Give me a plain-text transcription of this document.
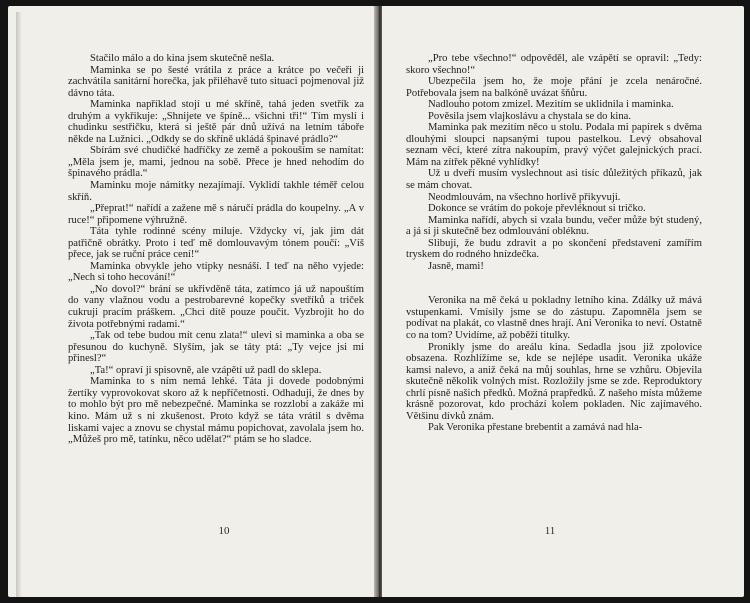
Stačilo málo a do kina jsem skutečně nešla.

Maminka se po šesté vrátila z práce a krátce po večeři ji zachvátila sanitární horečka, jak přiléhavě tuto situaci pojmenoval již dávno táta.

Maminka například stojí u mé skříně, tahá jeden svetřík za druhým a vykřikuje: „Shnijete ve špíně... všichni tři!“ Tím myslí i chudinku sestřičku, která si ještě pár dnů užívá na letním táboře někde na Lužnici. „Odkdy se do skříně ukládá špinavé prádlo?“

Sbírám své chudičké hadříčky ze země a pokouším se namítat: „Měla jsem je, mami, jednou na sobě. Přece je hned nehodím do špinavého prádla.“

Maminku moje námitky nezajímají. Vyklidí takhle téměř celou skříň.

„Přeprat!“ nařídí a zažene mě s náručí prádla do koupelny. „A v ruce!“ připomene výhružně.

Táta tyhle rodinné scény miluje. Vždycky ví, jak jim dát patřičně obrátky. Proto i teď mě domlouvavým tónem poučí: „Víš přece, jak se ruční práce cení!“

Maminka obvykle jeho vtípky nesnáší. I teď na něho vyjede: „Nech si toho hecování!“

„No dovol?“ brání se ukřivděně táta, zatímco já už napouštím do vany vlažnou vodu a pestrobarevné kopečky svetříků a triček cukruji pracím práškem. „Chci dítě pouze poučit. Vyzbrojit ho do života potřebnými radami.“

„Tak od tebe budou mít cenu zlata!“ ulevi si maminka a oba se přesunou do kuchyně. Slyším, jak se táty ptá: „Ty vejce jsi mi přinesl?“

„Ta!“ opraví ji spisovně, ale vzápětí už padl do sklepa.

Maminka to s ním nemá lehké. Táta ji dovede podobnými žertíky vyprovokovat skoro až k nepříčetnosti. Odhaduji, že dnes by to mohlo být pro mě nebezpečné. Maminka se rozzlobí a zakáže mi kino. Mám už s ni zkušenost. Proto když se táta vrátil s dvěma liskami vajec a znovu se chystal mámu popichovat, zavolala jsem ho. „Můžeš pro mě, tatínku, něco udělat?“ ptám se ho sladce.

10

„Pro tebe všechno!“ odpověděl, ale vzápětí se opravil: „Tedy: skoro všechno!“

Ubezpečila jsem ho, že moje přání je zcela nenáročné. Potřebovala jsem na balkóně uvázat šňůru.

Nadlouho potom zmizel. Mezitím se uklidnila i maminka.

Pověsila jsem vlajkoslávu a chystala se do kina.

Maminka pak mezitím něco u stolu. Podala mi papírek s dvěma dlouhými sloupci napsanými tupou pastelkou. Levý obsahoval seznam věcí, které zítra nakoupím, pravý výčet galejnických prací. Mám na zítřek pěkné vyhlídky!

Už u dveří musím vyslechnout asi tisíc důležitých příkazů, jak se mám chovat.

Neodmlouvám, na všechno horlivě přikyvuji.

Dokonce se vrátím do pokoje převléknout si tričko.

Maminka nařídí, abych si vzala bundu, večer může být studený, a já si ji skutečně bez odmlouvání obléknu.

Slibuji, že budu zdravit a po skončení představení zamířím tryskem do rodného hnízdečka.

Jasně, mami!

Veronika na mě čeká u pokladny letního kina. Zdálky už mává vstupenkami. Vmísily jsme se do zástupu. Zapomněla jsem se podívat na plakát, co vlastně dnes hrají. Ani Veronika to neví. Ostatně co na tom? Uvidíme, až poběží titulky.

Pronikly jsme do areálu kina. Sedadla jsou již zpolovice obsazena. Rozhlížíme se, kde se nejlépe usadit. Veronika ukáže kamsi nalevo, a aniž čeká na můj souhlas, hrne se vzhůru. Objevila skutečně několik volných míst. Rozložily jsme se zde. Reproduktory chrlí písně našich předků. Možná prapředků. Z našeho místa můžeme krásně pozorovat, kdo prochází kolem pokladen. Nic zajímavého. Většinu dívků znám.

Pak Veronika přestane brebentit a zamává nad hla-

11
